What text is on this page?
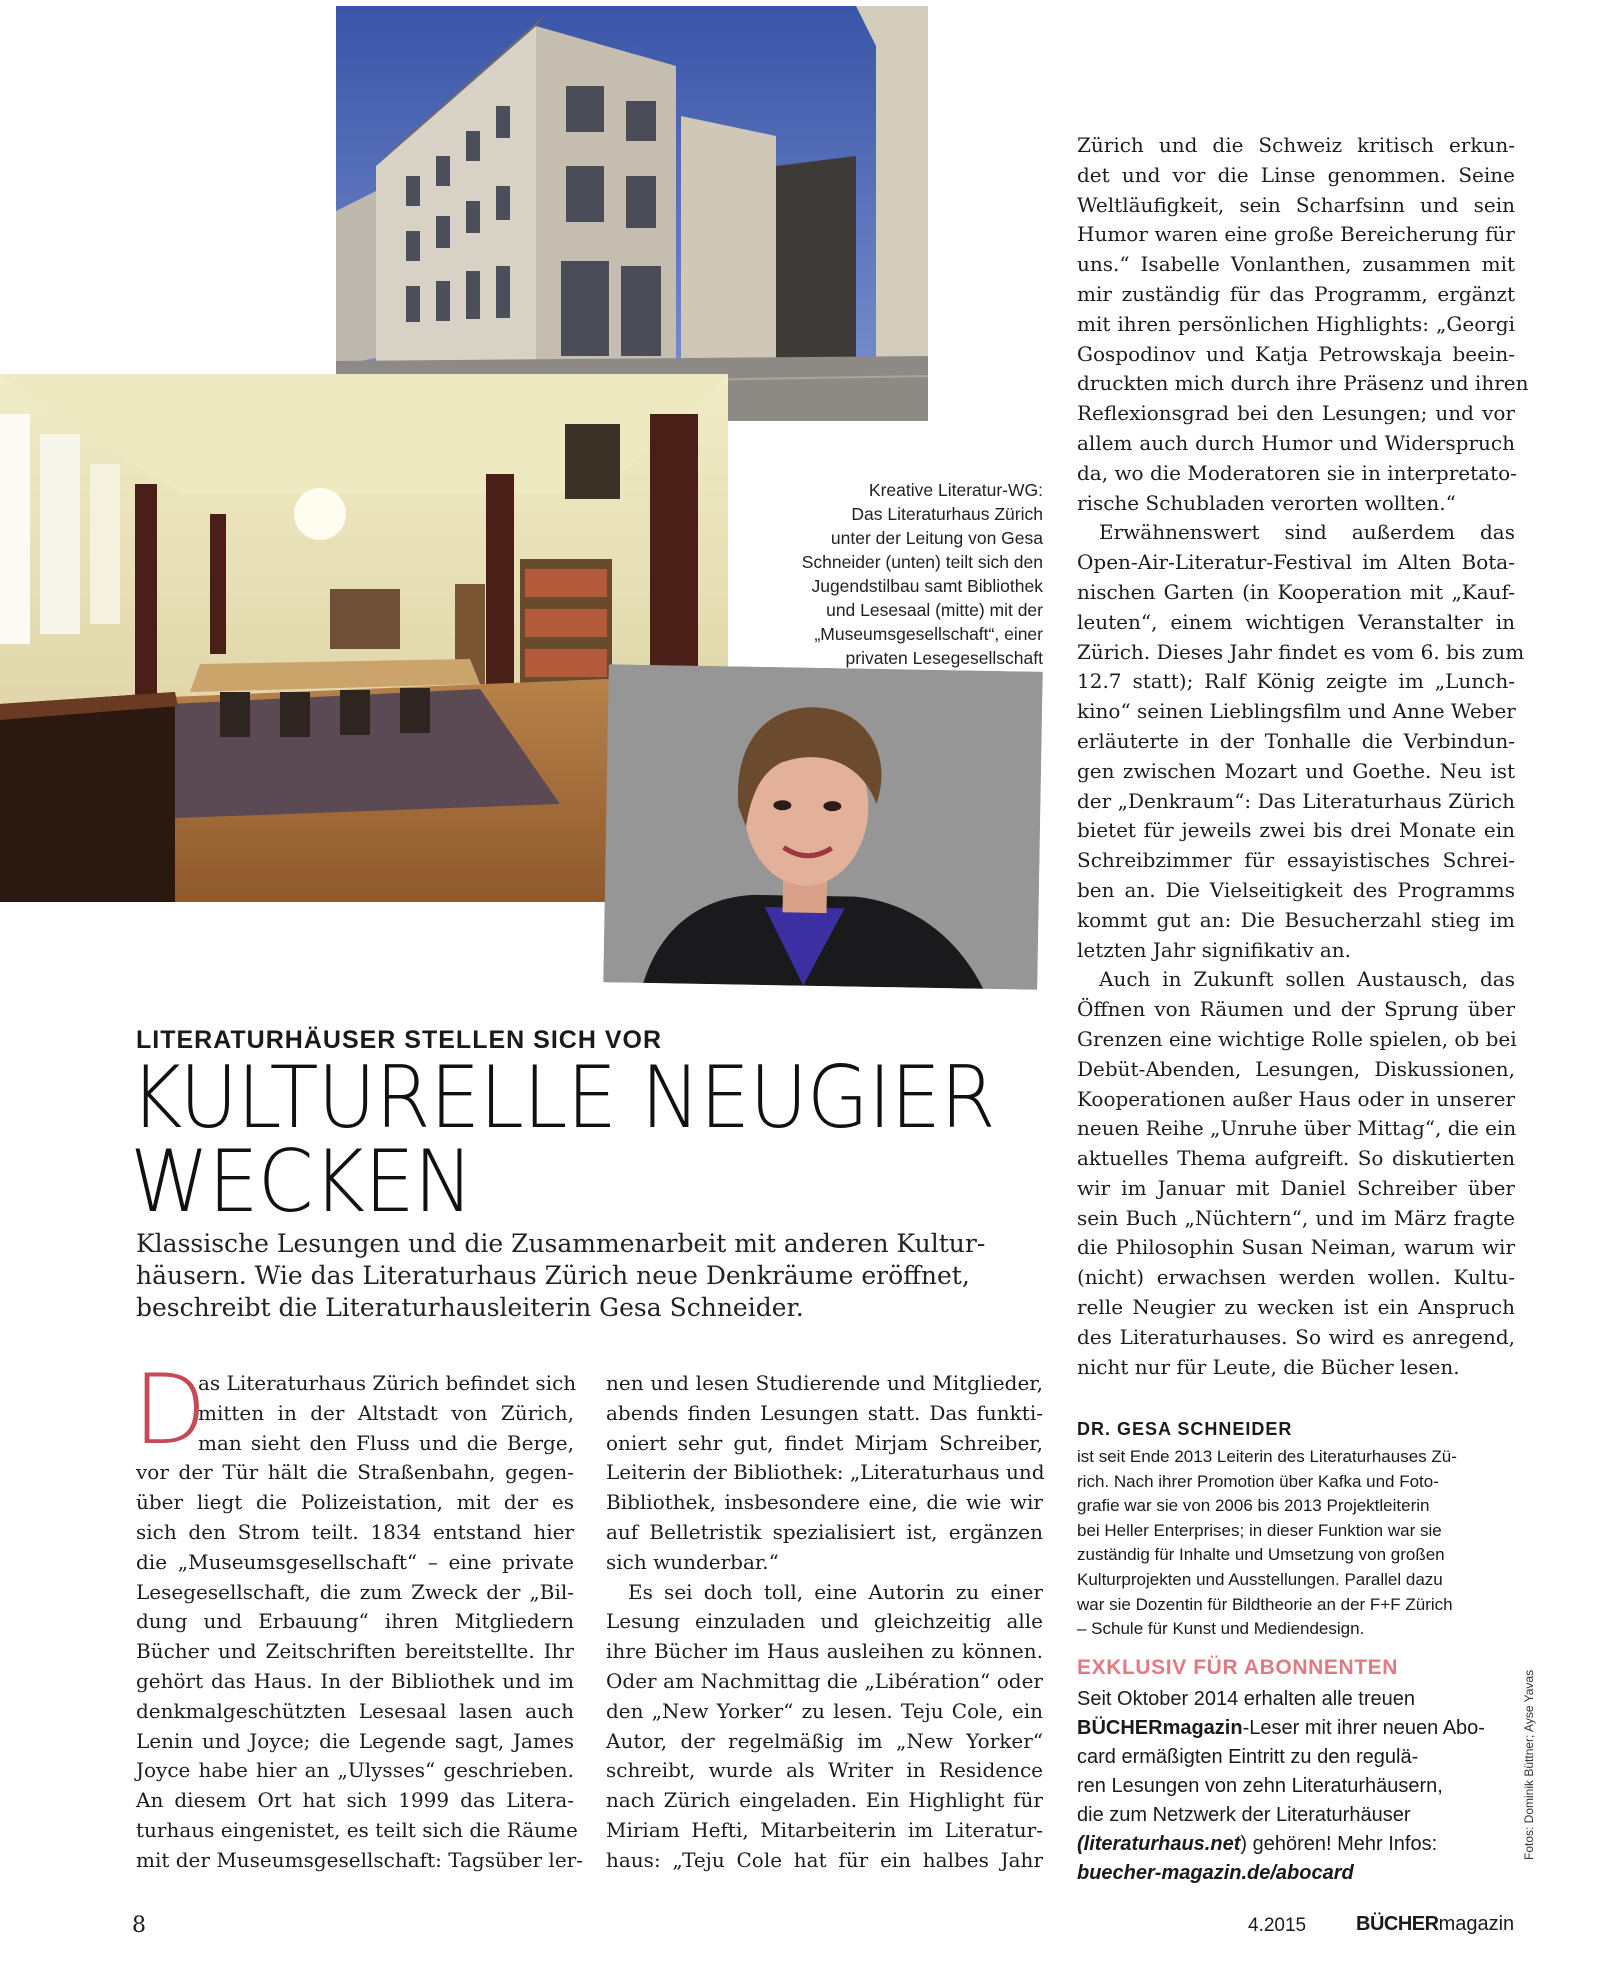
Kreative Literatur-WG:
Das Literaturhaus Zürich
unter der Leitung von Gesa
Schneider (unten) teilt sich den
Jugendstilbau samt Bibliothek
und Lesesaal (mitte) mit der
„Museumsgesellschaft“, einer
privaten Lesegesellschaft
LITERATURHÄUSER STELLEN SICH VOR
KULTURELLE NEUGIER
WECKEN
Klassische Lesungen und die Zusammenarbeit mit anderen Kultur-
häusern. Wie das Literaturhaus Zürich neue Denkräume eröffnet,
beschreibt die Literaturhausleiterin Gesa Schneider.
D
as Literaturhaus Zürich befindet sich
mitten in der Altstadt von Zürich,
man sieht den Fluss und die Berge,
vor der Tür hält die Straßenbahn, gegen-
über liegt die Polizeistation, mit der es
sich den Strom teilt. 1834 entstand hier
die „Museumsgesellschaft“ – eine private
Lesegesellschaft, die zum Zweck der „Bil-
dung und Erbauung“ ihren Mitgliedern
Bücher und Zeitschriften bereitstellte. Ihr
gehört das Haus. In der Bibliothek und im
denkmalgeschützten Lesesaal lasen auch
Lenin und Joyce; die Legende sagt, James
Joyce habe hier an „Ulysses“ geschrieben.
An diesem Ort hat sich 1999 das Litera-
turhaus eingenistet, es teilt sich die Räume
mit der Museumsgesellschaft: Tagsüber ler-
nen und lesen Studierende und Mitglieder,
abends finden Lesungen statt. Das funkti-
oniert sehr gut, findet Mirjam Schreiber,
Leiterin der Bibliothek: „Literaturhaus und
Bibliothek, insbesondere eine, die wie wir
auf Belletristik spezialisiert ist, ergänzen
sich wunderbar.“
Es sei doch toll, eine Autorin zu einer
Lesung einzuladen und gleichzeitig alle
ihre Bücher im Haus ausleihen zu können.
Oder am Nachmittag die „Libération“ oder
den „New Yorker“ zu lesen. Teju Cole, ein
Autor, der regelmäßig im „New Yorker“
schreibt, wurde als Writer in Residence
nach Zürich eingeladen. Ein Highlight für
Miriam Hefti, Mitarbeiterin im Literatur-
haus: „Teju Cole hat für ein halbes Jahr
Zürich und die Schweiz kritisch erkun-
det und vor die Linse genommen. Seine
Weltläufigkeit, sein Scharfsinn und sein
Humor waren eine große Bereicherung für
uns.“ Isabelle Vonlanthen, zusammen mit
mir zuständig für das Programm, ergänzt
mit ihren persönlichen Highlights: „Georgi
Gospodinov und Katja Petrowskaja beein-
druckten mich durch ihre Präsenz und ihren
Reflexionsgrad bei den Lesungen; und vor
allem auch durch Humor und Widerspruch
da, wo die Moderatoren sie in interpretato-
rische Schubladen verorten wollten.“
Erwähnenswert sind außerdem das
Open-Air-Literatur-Festival im Alten Bota-
nischen Garten (in Kooperation mit „Kauf-
leuten“, einem wichtigen Veranstalter in
Zürich. Dieses Jahr findet es vom 6. bis zum
12.7 statt); Ralf König zeigte im „Lunch-
kino“ seinen Lieblingsfilm und Anne Weber
erläuterte in der Tonhalle die Verbindun-
gen zwischen Mozart und Goethe. Neu ist
der „Denkraum“: Das Literaturhaus Zürich
bietet für jeweils zwei bis drei Monate ein
Schreibzimmer für essayistisches Schrei-
ben an. Die Vielseitigkeit des Programms
kommt gut an: Die Besucherzahl stieg im
letzten Jahr signifikativ an.
Auch in Zukunft sollen Austausch, das
Öffnen von Räumen und der Sprung über
Grenzen eine wichtige Rolle spielen, ob bei
Debüt-Abenden, Lesungen, Diskussionen,
Kooperationen außer Haus oder in unserer
neuen Reihe „Unruhe über Mittag“, die ein
aktuelles Thema aufgreift. So diskutierten
wir im Januar mit Daniel Schreiber über
sein Buch „Nüchtern“, und im März fragte
die Philosophin Susan Neiman, warum wir
(nicht) erwachsen werden wollen. Kultu-
relle Neugier zu wecken ist ein Anspruch
des Literaturhauses. So wird es anregend,
nicht nur für Leute, die Bücher lesen.
DR. GESA SCHNEIDER
ist seit Ende 2013 Leiterin des Literaturhauses Zü-
rich. Nach ihrer Promotion über Kafka und Foto-
grafie war sie von 2006 bis 2013 Projektleiterin
bei Heller Enterprises; in dieser Funktion war sie
zuständig für Inhalte und Umsetzung von großen
Kulturprojekten und Ausstellungen. Parallel dazu
war sie Dozentin für Bildtheorie an der F+F Zürich
– Schule für Kunst und Mediendesign.
EXKLUSIV FÜR ABONNENTEN
Seit Oktober 2014 erhalten alle treuen
BÜCHERmagazin-Leser mit ihrer neuen Abo-
card ermäßigten Eintritt zu den regulä-
ren Lesungen von zehn Literaturhäusern,
die zum Netzwerk der Literaturhäuser
(literaturhaus.net) gehören! Mehr Infos:
buecher-magazin.de/abocard
Fotos: Dominik Büttner; Ayse Yavas
8	4.2015 BÜCHERmagazin
